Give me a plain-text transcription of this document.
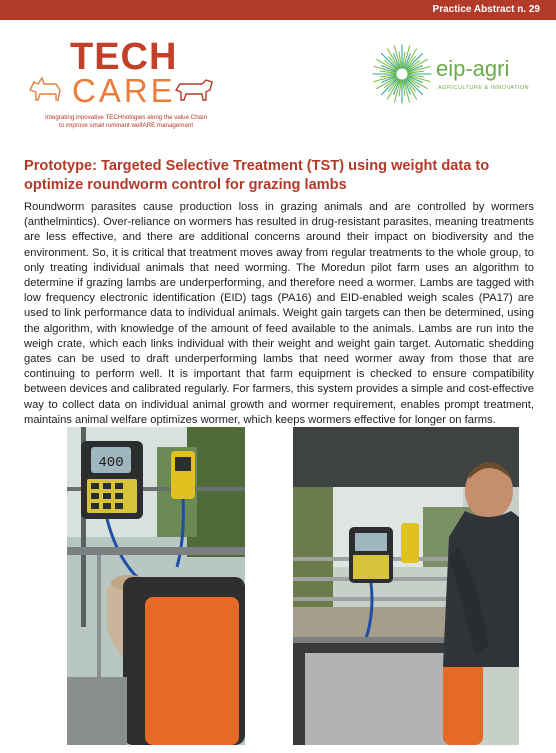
Practice Abstract n. 29
TECH
CARE
Integrating innovative TECHnologies along the value Chain
to improve small ruminant welfARE management
eip-agri
AGRICULTURE & INNOVATION
Prototype: Targeted Selective Treatment (TST) using weight data to optimize roundworm control for grazing lambs

Roundworm parasites cause production loss in grazing animals and are controlled by wormers (anthelmintics). Over-reliance on wormers has resulted in drug-resistant parasites, meaning treatments are less effective, and there are additional concerns around their impact on biodiversity and the environment. So, it is critical that treatment moves away from regular treatments to the whole group, to only treating individual animals that need worming. The Moredun pilot farm uses an algorithm to determine if grazing lambs are underperforming, and therefore need a wormer. Lambs are tagged with low frequency electronic identification (EID) tags (PA16) and EID-enabled weigh scales (PA17) are used to link performance data to individual animals. Weight gain targets can then be determined, using the algorithm, with knowledge of the amount of feed available to the animals. Lambs are run into the weigh crate, which each links individual with their weight and weight gain target. Automatic shedding gates can be used to draft underperforming lambs that need wormer away from those that are continuing to perform well. It is important that farm equipment is checked to ensure compatibility between devices and calibrated regularly. For farmers, this system provides a simple and cost-effective way to collect data on individual animal growth and wormer requirement, enables prompt treatment, maintains animal welfare optimizes wormer, which keeps wormers effective for longer on farms.

400
